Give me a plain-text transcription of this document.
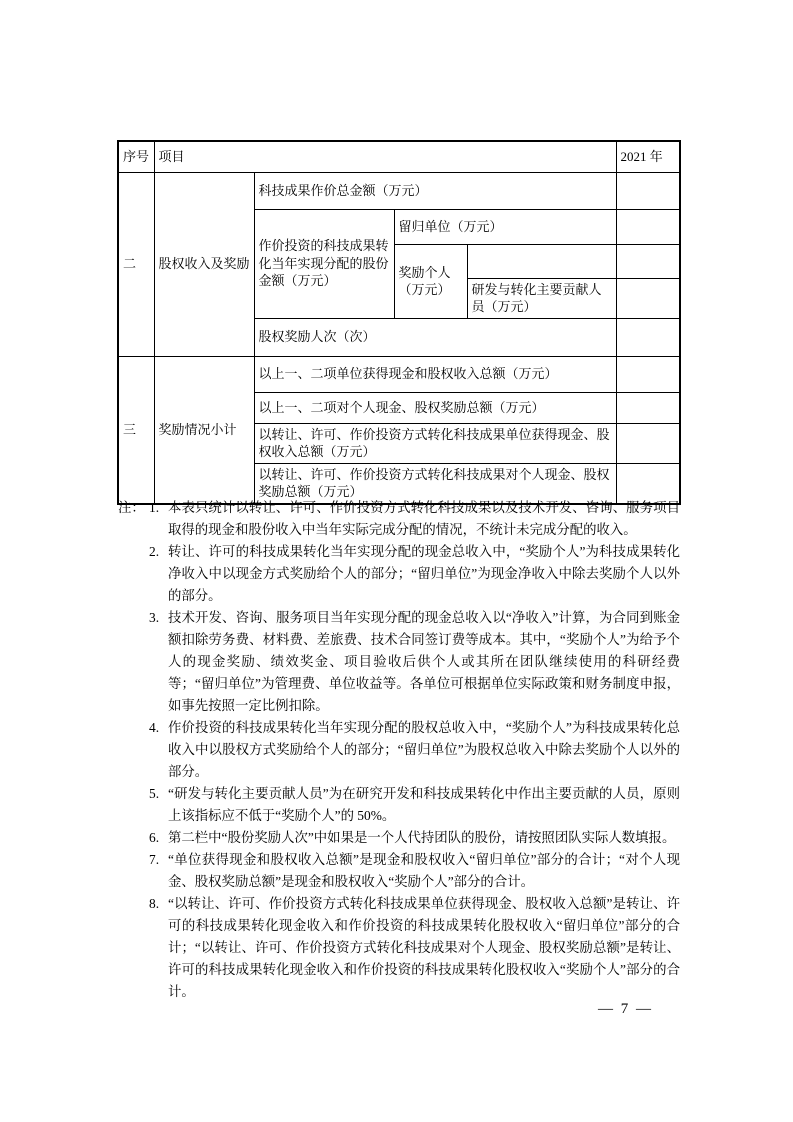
序号	项目				2021 年
二	股权收入及奖励	科技成果作价总金额（万元）			
		作价投资的科技成果转化当年实现分配的股份金额（万元）	留归单位（万元）		
			奖励个人（万元）		
				研发与转化主要贡献人员（万元）	
		股权奖励人次（次）			
三	奖励情况小计	以上一、二项单位获得现金和股权收入总额（万元）			
		以上一、二项对个人现金、股权奖励总额（万元）			
		以转让、许可、作价投资方式转化科技成果单位获得现金、股权收入总额（万元）			
		以转让、许可、作价投资方式转化科技成果对个人现金、股权奖励总额（万元）			
注： 1. 本表只统计以转让、许可、作价投资方式转化科技成果以及技术开发、咨询、服务项目取得的现金和股份收入中当年实际完成分配的情况，不统计未完成分配的收入。
2. 转让、许可的科技成果转化当年实现分配的现金总收入中，“奖励个人”为科技成果转化净收入中以现金方式奖励给个人的部分；“留归单位”为现金净收入中除去奖励个人以外的部分。
3. 技术开发、咨询、服务项目当年实现分配的现金总收入以“净收入”计算，为合同到账金额扣除劳务费、材料费、差旅费、技术合同签订费等成本。其中，“奖励个人”为给予个人的现金奖励、绩效奖金、项目验收后供个人或其所在团队继续使用的科研经费等；“留归单位”为管理费、单位收益等。各单位可根据单位实际政策和财务制度申报，如事先按照一定比例扣除。
4. 作价投资的科技成果转化当年实现分配的股权总收入中，“奖励个人”为科技成果转化总收入中以股权方式奖励给个人的部分；“留归单位”为股权总收入中除去奖励个人以外的部分。
5. “研发与转化主要贡献人员”为在研究开发和科技成果转化中作出主要贡献的人员，原则上该指标应不低于“奖励个人”的 50%。
6. 第二栏中“股份奖励人次”中如果是一个人代持团队的股份，请按照团队实际人数填报。
7. “单位获得现金和股权收入总额”是现金和股权收入“留归单位”部分的合计；“对个人现金、股权奖励总额”是现金和股权收入“奖励个人”部分的合计。
8. “以转让、许可、作价投资方式转化科技成果单位获得现金、股权收入总额”是转让、许可的科技成果转化现金收入和作价投资的科技成果转化股权收入“留归单位”部分的合计；“以转让、许可、作价投资方式转化科技成果对个人现金、股权奖励总额”是转让、许可的科技成果转化现金收入和作价投资的科技成果转化股权收入“奖励个人”部分的合计。
— 7 —
